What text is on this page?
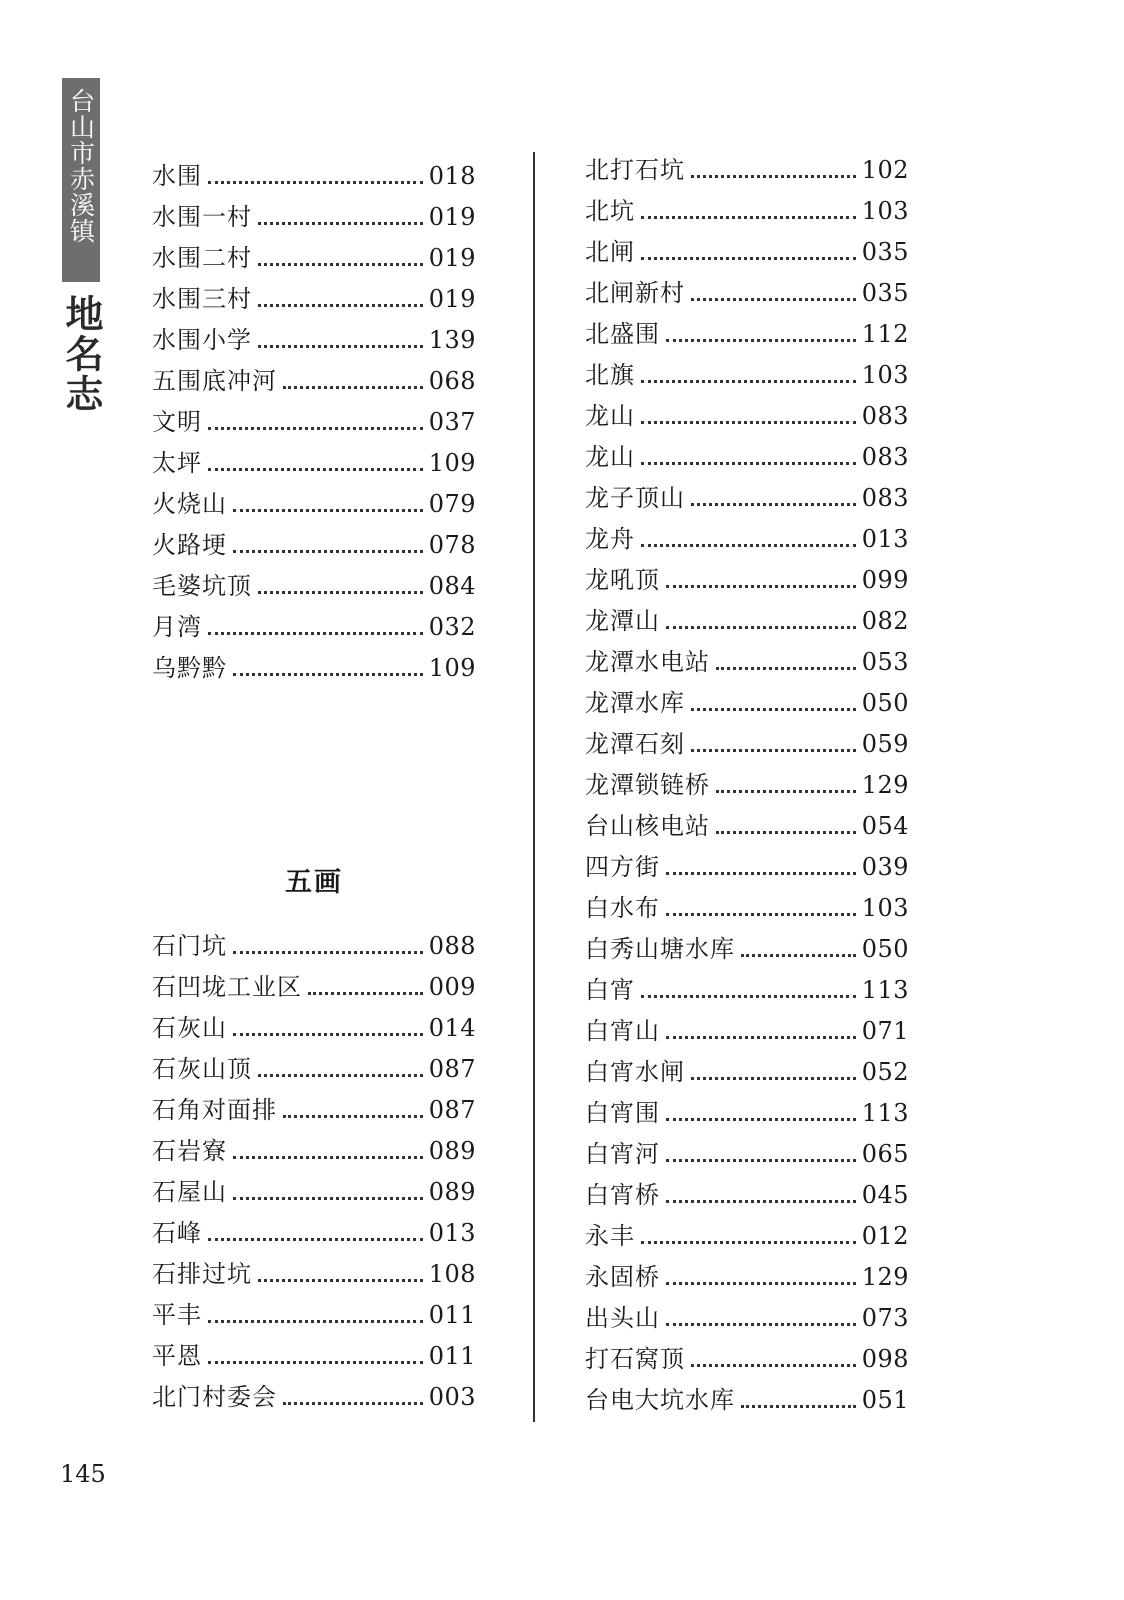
台山市赤溪镇
地名志
水围	018
水围一村	019
水围二村	019
水围三村	019
水围小学	139
五围底冲河	068
文明	037
太坪	109
火烧山	079
火路埂	078
毛婆坑顶	084
月湾	032
乌黔黔	109
五画
石门坑	088
石凹垅工业区	009
石灰山	014
石灰山顶	087
石角对面排	087
石岩寮	089
石屋山	089
石峰	013
石排过坑	108
平丰	011
平恩	011
北门村委会	003
北打石坑	102
北坑	103
北闸	035
北闸新村	035
北盛围	112
北旗	103
龙山	083
龙山	083
龙子顶山	083
龙舟	013
龙吼顶	099
龙潭山	082
龙潭水电站	053
龙潭水库	050
龙潭石刻	059
龙潭锁链桥	129
台山核电站	054
四方街	039
白水布	103
白秀山塘水库	050
白宵	113
白宵山	071
白宵水闸	052
白宵围	113
白宵河	065
白宵桥	045
永丰	012
永固桥	129
出头山	073
打石窝顶	098
台电大坑水库	051
145
